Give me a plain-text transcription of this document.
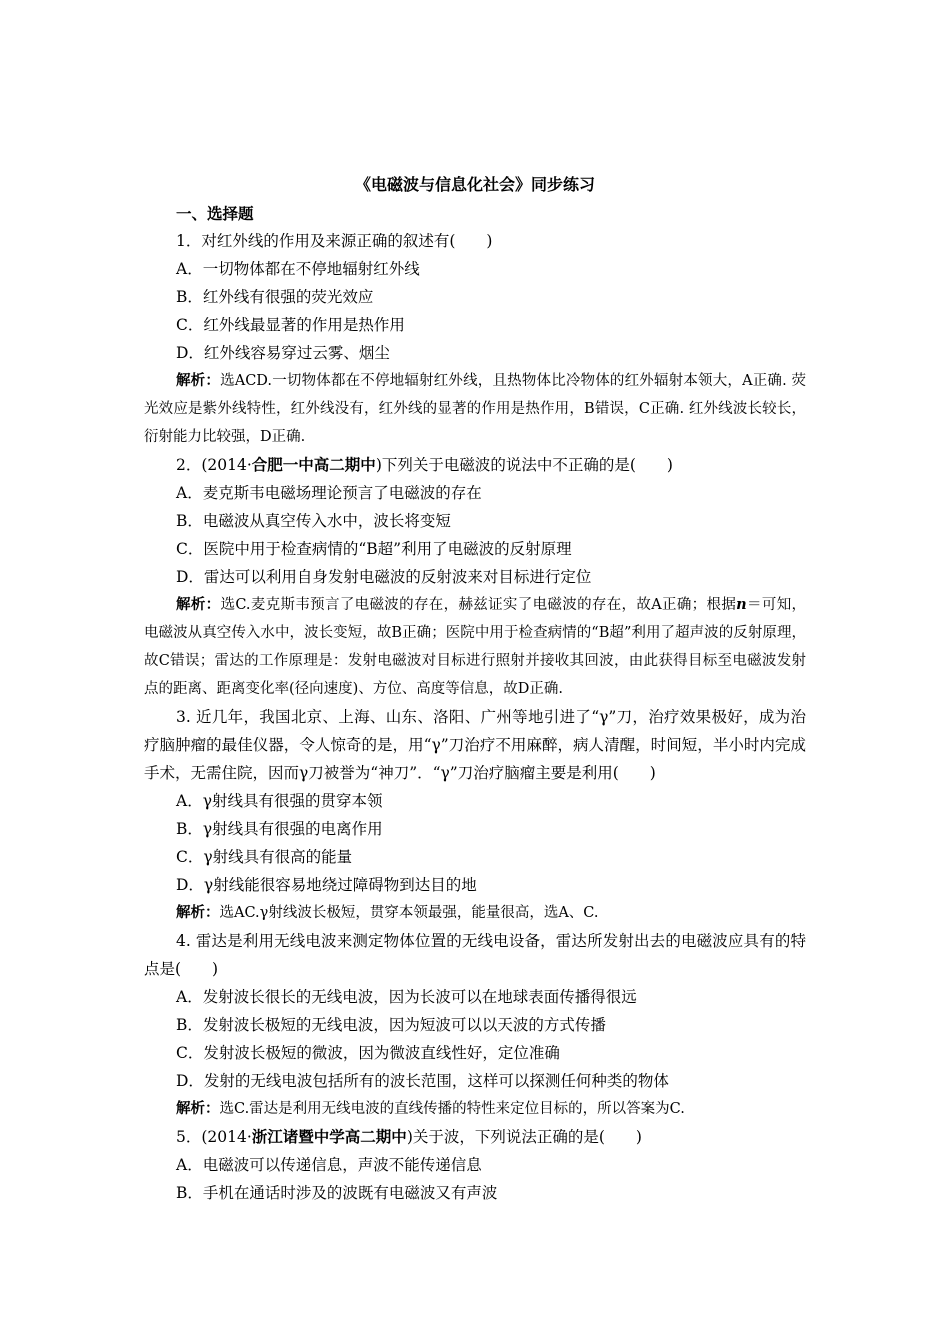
《电磁波与信息化社会》同步练习
一、选择题
1．对红外线的作用及来源正确的叙述有(　　)
A．一切物体都在不停地辐射红外线
B．红外线有很强的荧光效应
C．红外线最显著的作用是热作用
D．红外线容易穿过云雾、烟尘

解析：选ACD.一切物体都在不停地辐射红外线，且热物体比冷物体的红外辐射本领大，A正确. 荧光效应是紫外线特性，红外线没有，红外线的显著的作用是热作用，B错误，C正确. 红外线波长较长，衍射能力比较强，D正确.

2．(2014·合肥一中高二期中)下列关于电磁波的说法中不正确的是(　　)
A．麦克斯韦电磁场理论预言了电磁波的存在
B．电磁波从真空传入水中，波长将变短
C．医院中用于检查病情的“B超”利用了电磁波的反射原理
D．雷达可以利用自身发射电磁波的反射波来对目标进行定位

解析：选C.麦克斯韦预言了电磁波的存在，赫兹证实了电磁波的存在，故A正确；根据n＝可知，电磁波从真空传入水中，波长变短，故B正确；医院中用于检查病情的“B超”利用了超声波的反射原理，故C错误；雷达的工作原理是：发射电磁波对目标进行照射并接收其回波，由此获得目标至电磁波发射点的距离、距离变化率(径向速度)、方位、高度等信息，故D正确.

3. 近几年，我国北京、上海、山东、洛阳、广州等地引进了“γ”刀，治疗效果极好，成为治疗脑肿瘤的最佳仪器，令人惊奇的是，用“γ”刀治疗不用麻醉，病人清醒，时间短，半小时内完成手术，无需住院，因而γ刀被誉为“神刀”．“γ”刀治疗脑瘤主要是利用(　　)

A．γ射线具有很强的贯穿本领
B．γ射线具有很强的电离作用
C．γ射线具有很高的能量
D．γ射线能很容易地绕过障碍物到达目的地

解析：选AC.γ射线波长极短，贯穿本领最强，能量很高，选A、C.

4. 雷达是利用无线电波来测定物体位置的无线电设备，雷达所发射出去的电磁波应具有的特点是(　　)

A．发射波长很长的无线电波，因为长波可以在地球表面传播得很远
B．发射波长极短的无线电波，因为短波可以以天波的方式传播
C．发射波长极短的微波，因为微波直线性好，定位准确
D．发射的无线电波包括所有的波长范围，这样可以探测任何种类的物体

解析：选C.雷达是利用无线电波的直线传播的特性来定位目标的，所以答案为C.

5．(2014·浙江诸暨中学高二期中)关于波，下列说法正确的是(　　)
A．电磁波可以传递信息，声波不能传递信息
B．手机在通话时涉及的波既有电磁波又有声波
